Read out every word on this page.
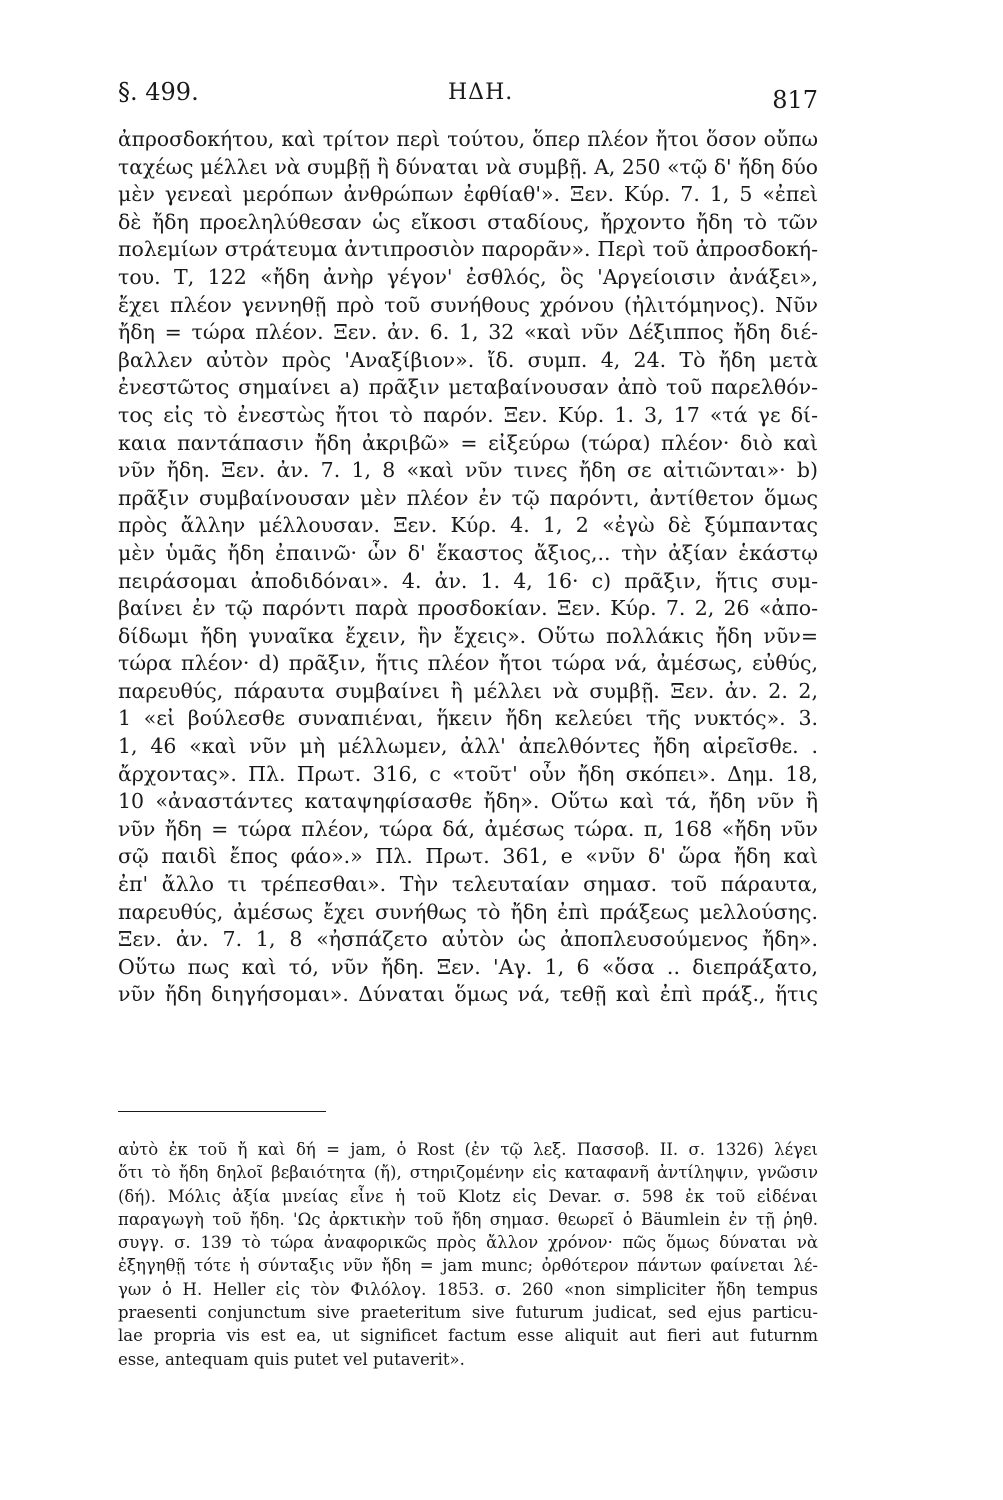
§. 499.	ΗΔΗ.	817
ἀπροσδοκήτου, καὶ τρίτον περὶ τούτου, ὅπερ πλέον ἤτοι ὅσον οὔπω
ταχέως μέλλει νὰ συμβῇ ἢ δύναται νὰ συμβῇ. Α, 250 «τῷ δ' ἤδη δύο
μὲν γενεαὶ μερόπων ἀνθρώπων ἐφθίαθ'». Ξεν. Κύρ. 7. 1, 5 «ἐπεὶ
δὲ ἤδη προεληλύθεσαν ὡς εἴκοσι σταδίους, ἤρχοντο ἤδη τὸ τῶν
πολεμίων στράτευμα ἀντιπροσιὸν παρορᾶν». Περὶ τοῦ ἀπροσδοκή-
του. Τ, 122 «ἤδη ἀνὴρ γέγον' ἐσθλός, ὃς 'Αργείοισιν ἀνάξει»,
ἔχει πλέον γεννηθῇ πρὸ τοῦ συνήθους χρόνου (ἠλιτόμηνος). Νῦν
ἤδη = τώρα πλέον. Ξεν. ἀν. 6. 1, 32 «καὶ νῦν Δέξιππος ἤδη διέ-
βαλλεν αὐτὸν πρὸς 'Αναξίβιον». ἴδ. συμπ. 4, 24. Τὸ ἤδη μετὰ
ἐνεστῶτος σημαίνει a) πρᾶξιν μεταβαίνουσαν ἀπὸ τοῦ παρελθόν-
τος εἰς τὸ ἐνεστὼς ἤτοι τὸ παρόν. Ξεν. Κύρ. 1. 3, 17 «τά γε δί-
καια παντάπασιν ἤδη ἀκριβῶ» = εἰξεύρω (τώρα) πλέον· διὸ καὶ
νῦν ἤδη. Ξεν. ἀν. 7. 1, 8 «καὶ νῦν τινες ἤδη σε αἰτιῶνται»· b)
πρᾶξιν συμβαίνουσαν μὲν πλέον ἐν τῷ παρόντι, ἀντίθετον ὅμως
πρὸς ἄλλην μέλλουσαν. Ξεν. Κύρ. 4. 1, 2 «ἐγὼ δὲ ξύμπαντας
μὲν ὑμᾶς ἤδη ἐπαινῶ· ὧν δ' ἕκαστος ἄξιος,.. τὴν ἀξίαν ἑκάστῳ
πειράσομαι ἀποδιδόναι». 4. ἀν. 1. 4, 16· c) πρᾶξιν, ἥτις συμ-
βαίνει ἐν τῷ παρόντι παρὰ προσδοκίαν. Ξεν. Κύρ. 7. 2, 26 «ἀπο-
δίδωμι ἤδη γυναῖκα ἔχειν, ἣν ἔχεις». Οὕτω πολλάκις ἤδη νῦν=
τώρα πλέον· d) πρᾶξιν, ἥτις πλέον ἤτοι τώρα νά, ἀμέσως, εὐθύς,
παρευθύς, πάραυτα συμβαίνει ἢ μέλλει νὰ συμβῇ. Ξεν. ἀν. 2. 2,
1 «εἰ βούλεσθε συναπιέναι, ἥκειν ἤδη κελεύει τῆς νυκτός». 3.
1, 46 «καὶ νῦν μὴ μέλλωμεν, ἀλλ' ἀπελθόντες ἤδη αἱρεῖσθε. .
ἄρχοντας». Πλ. Πρωτ. 316, c «τοῦτ' οὖν ἤδη σκόπει». Δημ. 18,
10 «ἀναστάντες καταψηφίσασθε ἤδη». Οὕτω καὶ τά, ἤδη νῦν ἢ
νῦν ἤδη = τώρα πλέον, τώρα δά, ἀμέσως τώρα. π, 168 «ἤδη νῦν
σῷ παιδὶ ἔπος φάο».» Πλ. Πρωτ. 361, e «νῦν δ' ὥρα ἤδη καὶ
ἐπ' ἄλλο τι τρέπεσθαι». Τὴν τελευταίαν σημασ. τοῦ πάραυτα,
παρευθύς, ἀμέσως ἔχει συνήθως τὸ ἤδη ἐπὶ πράξεως μελλούσης.
Ξεν. ἀν. 7. 1, 8 «ἠσπάζετο αὐτὸν ὡς ἀποπλευσούμενος ἤδη».
Οὕτω πως καὶ τό, νῦν ἤδη. Ξεν. 'Αγ. 1, 6 «ὅσα .. διεπράξατο,
νῦν ἤδη διηγήσομαι». Δύναται ὅμως νά, τεθῇ καὶ ἐπὶ πράξ., ἥτις
αὐτὸ ἐκ τοῦ ἤ καὶ δή = jam, ὁ Rost (ἐν τῷ λεξ. Πασσοβ. II. σ. 1326) λέγει
ὅτι τὸ ἤδη δηλοῖ βεβαιότητα (ἤ), στηριζομένην εἰς καταφανῆ ἀντίληψιν, γνῶσιν
(δή). Μόλις ἀξία μνείας εἶνε ἡ τοῦ Klotz εἰς Devar. σ. 598 ἐκ τοῦ εἰδέναι
παραγωγὴ τοῦ ἤδη. 'Ως ἀρκτικὴν τοῦ ἤδη σημασ. θεωρεῖ ὁ Bäumlein ἐν τῇ ῥηθ.
συγγ. σ. 139 τὸ τώρα ἀναφορικῶς πρὸς ἄλλον χρόνον· πῶς ὅμως δύναται νὰ
ἐξηγηθῇ τότε ἡ σύνταξις νῦν ἤδη = jam munc; ὀρθότερον πάντων φαίνεται λέ-
γων ὁ H. Heller εἰς τὸν Φιλόλογ. 1853. σ. 260 «non simpliciter ἤδη tempus
praesenti conjunctum sive praeteritum sive futurum judicat, sed ejus particu-
lae propria vis est ea, ut significet factum esse aliquit aut fieri aut futurnm
esse, antequam quis putet vel putaverit».
